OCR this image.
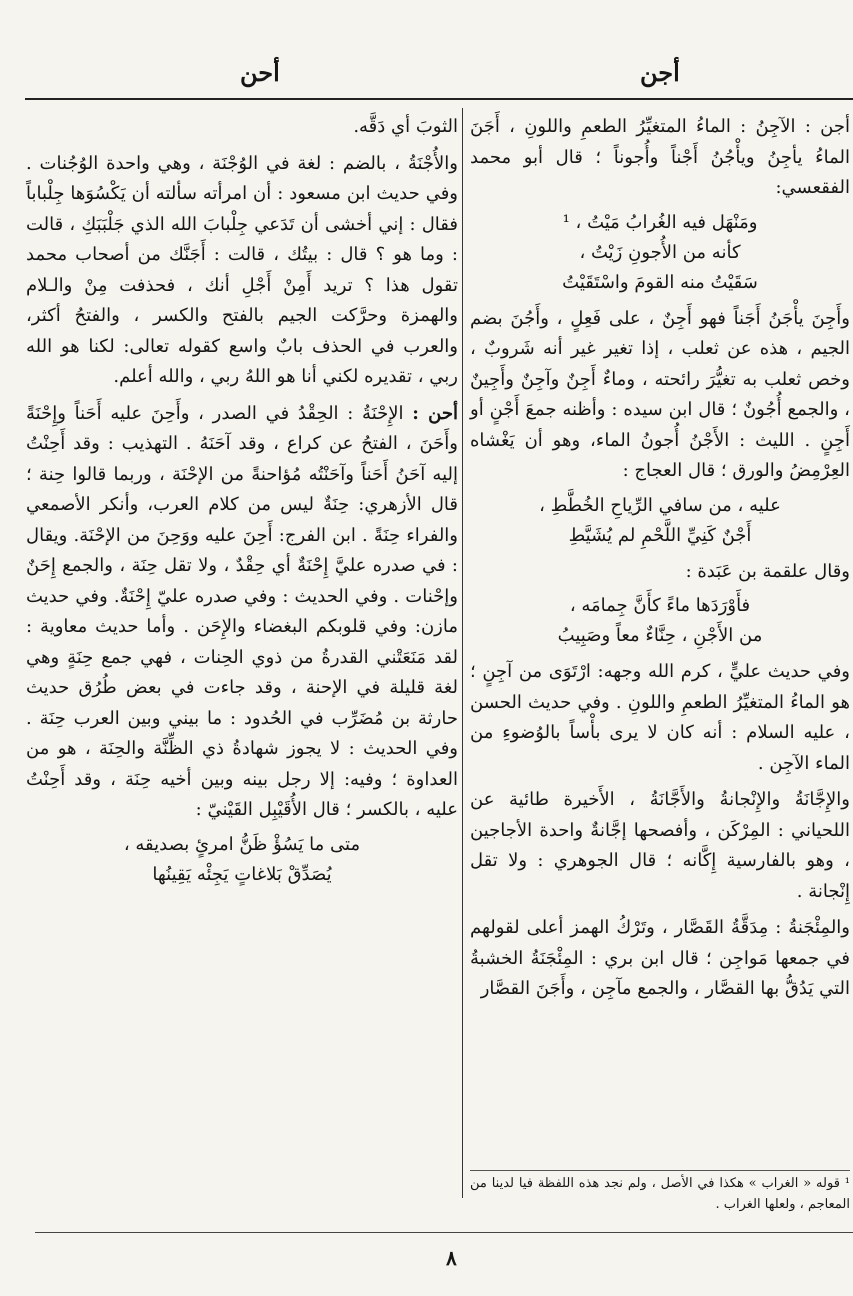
أحن	أجن

أجن : الآجِنُ : الماءُ المتغيِّرُ الطعمِ واللونِ ، أَجَنَ الماءُ يأجِنُ ويأْجُنُ أَجْناً وأُجوناً ؛ قال أبو محمد الفقعسي:

ومَنْهَل فيه الغُرابُ مَيْتُ ، ¹
كأنه من الأُجونِ زَيْتُ ،
سَقَيْتُ منه القومَ واسْتَقَيْتُ

وأَجِنَ يأْجَنُ أَجَناً فهو أَجِنٌ ، على فَعِلٍ ، وأَجُنَ بضم الجيم ، هذه عن ثعلب ، إذا تغير غير أنه شَروبٌ ، وخص ثعلب به تغيُّرَ رائحته ، وماءٌ أَجِنٌ وآجِنٌ وأَجِينٌ ، والجمع أُجُونٌ ؛ قال ابن سيده : وأظنه جمعَ أَجْنٍ أو أَجِنٍ . الليث : الأَجْنُ أُجونُ الماء، وهو أن يَغْشاه العِرْمِضُ والورق ؛ قال العجاج :

عليه ، من سافي الرِّياحِ الخُطَّطِ ،
أَجْنٌ كَنِيِّ اللَّحْمِ لم يُشَيَّطِ

وقال علقمة بن عَبَدة :

فأَوْرَدَها ماءً كأَنَّ جِمامَه ،
من الأَجْنِ ، حِنَّاءٌ معاً وصَبِيبُ

وفي حديث عليٍّ ، كرم الله وجهه: ارْتَوَى من آجِنٍ ؛ هو الماءُ المتغيِّرُ الطعمِ واللونِ . وفي حديث الحسن ، عليه السلام : أنه كان لا يرى بأْساً بالوُضوءِ من الماء الآجِن .

والإِجَّانَةُ والإِنْجانةُ والأَجَّانَةُ ، الأَخيرة طائية عن اللحياني : المِرْكَن ، وأفصحها إجَّانةٌ واحدة الأجاجين ، وهو بالفارسية إِكَّانه ؛ قال الجوهري : ولا تقل إِنْجانة .

والمِئْجَنةُ : مِدَقَّةُ القَصَّار ، وتَرْكُ الهمز أعلى لقولهم في جمعها مَواجِن ؛ قال ابن بري : المِئْجَنَةُ الخشبةُ التي يَدُقُّ بها القصَّار ، والجمع مآجِن ، وأَجَنَ القصَّار

¹ قوله « الغراب » هكذا في الأصل ، ولم نجد هذه اللفظة فيا لدينا من المعاجم ، ولعلها الغراب .

الثوبَ أي دَقَّه.

والأُجْنَةُ ، بالضم : لغة في الوُجْنَة ، وهي واحدة الوُجُنات . وفي حديث ابن مسعود : أن امرأته سألته أن يَكْسُوَها جِلْباباً فقال : إني أخشى أن تَدَعي جِلْبابَ الله الذي جَلْبَبَكِ ، قالت : وما هو ؟ قال : بيتُك ، قالت : أَجَنَّك من أصحاب محمد تقول هذا ؟ تريد أَمِنْ أَجْلِ أنك ، فحذفت مِنْ والـلام والهمزة وحرَّكت الجيم بالفتح والكسر ، والفتحُ أكثر، والعرب في الحذف بابٌ واسع كقوله تعالى: لكنا هو الله ربي ، تقديره لكني أنا هو اللهُ ربي ، والله أعلم.

أحن : الإِحْنَةُ : الحِقْدُ في الصدر ، وأَحِنَ عليه أَحَناً وإِحْنَةً وأَحَنَ ، الفتحُ عن كراع ، وقد آحَنَهُ . التهذيب : وقد أَحِنْتُ إليه آحَنُ أَحَناً وآحَنْتُه مُؤاحنةً من الإحْنَة ، وربما قالوا حِنة ؛ قال الأزهري: حِنَةٌ ليس من كلام العرب، وأنكر الأصمعي والفراء حِنَةً . ابن الفرج: أَحِنَ عليه ووَحِنَ من الإحْنَة. ويقال : في صدره عليَّ إِحْنَةٌ أي حِقْدٌ ، ولا تقل حِنَة ، والجمع إِحَنٌ وإحْنات . وفي الحديث : وفي صدره عليّ إِحْنَةٌ. وفي حديث مازن: وفي قلوبكم البغضاء والإِحَن . وأما حديث معاوية : لقد مَنَعَتْني القدرةُ من ذوي الحِنات ، فهي جمع حِنَةٍ وهي لغة قليلة في الإحنة ، وقد جاءت في بعض طُرُق حديث حارثة بن مُضَرِّب في الحُدود : ما بيني وبين العرب حِنَة . وفي الحديث : لا يجوز شهادةُ ذي الظِّنَّة والحِنَة ، هو من العداوة ؛ وفيه: إلا رجل بينه وبين أخيه حِنَة ، وقد أَحِنْتُ عليه ، بالكسر ؛ قال الأُقَيْبِل القَيْنيّ :

متى ما يَسُؤْ ظَنُّ امرئٍ بصديقه ،
يُصَدِّقْ بَلاغاتٍ يَجِئْه يَقِينُها
٨
